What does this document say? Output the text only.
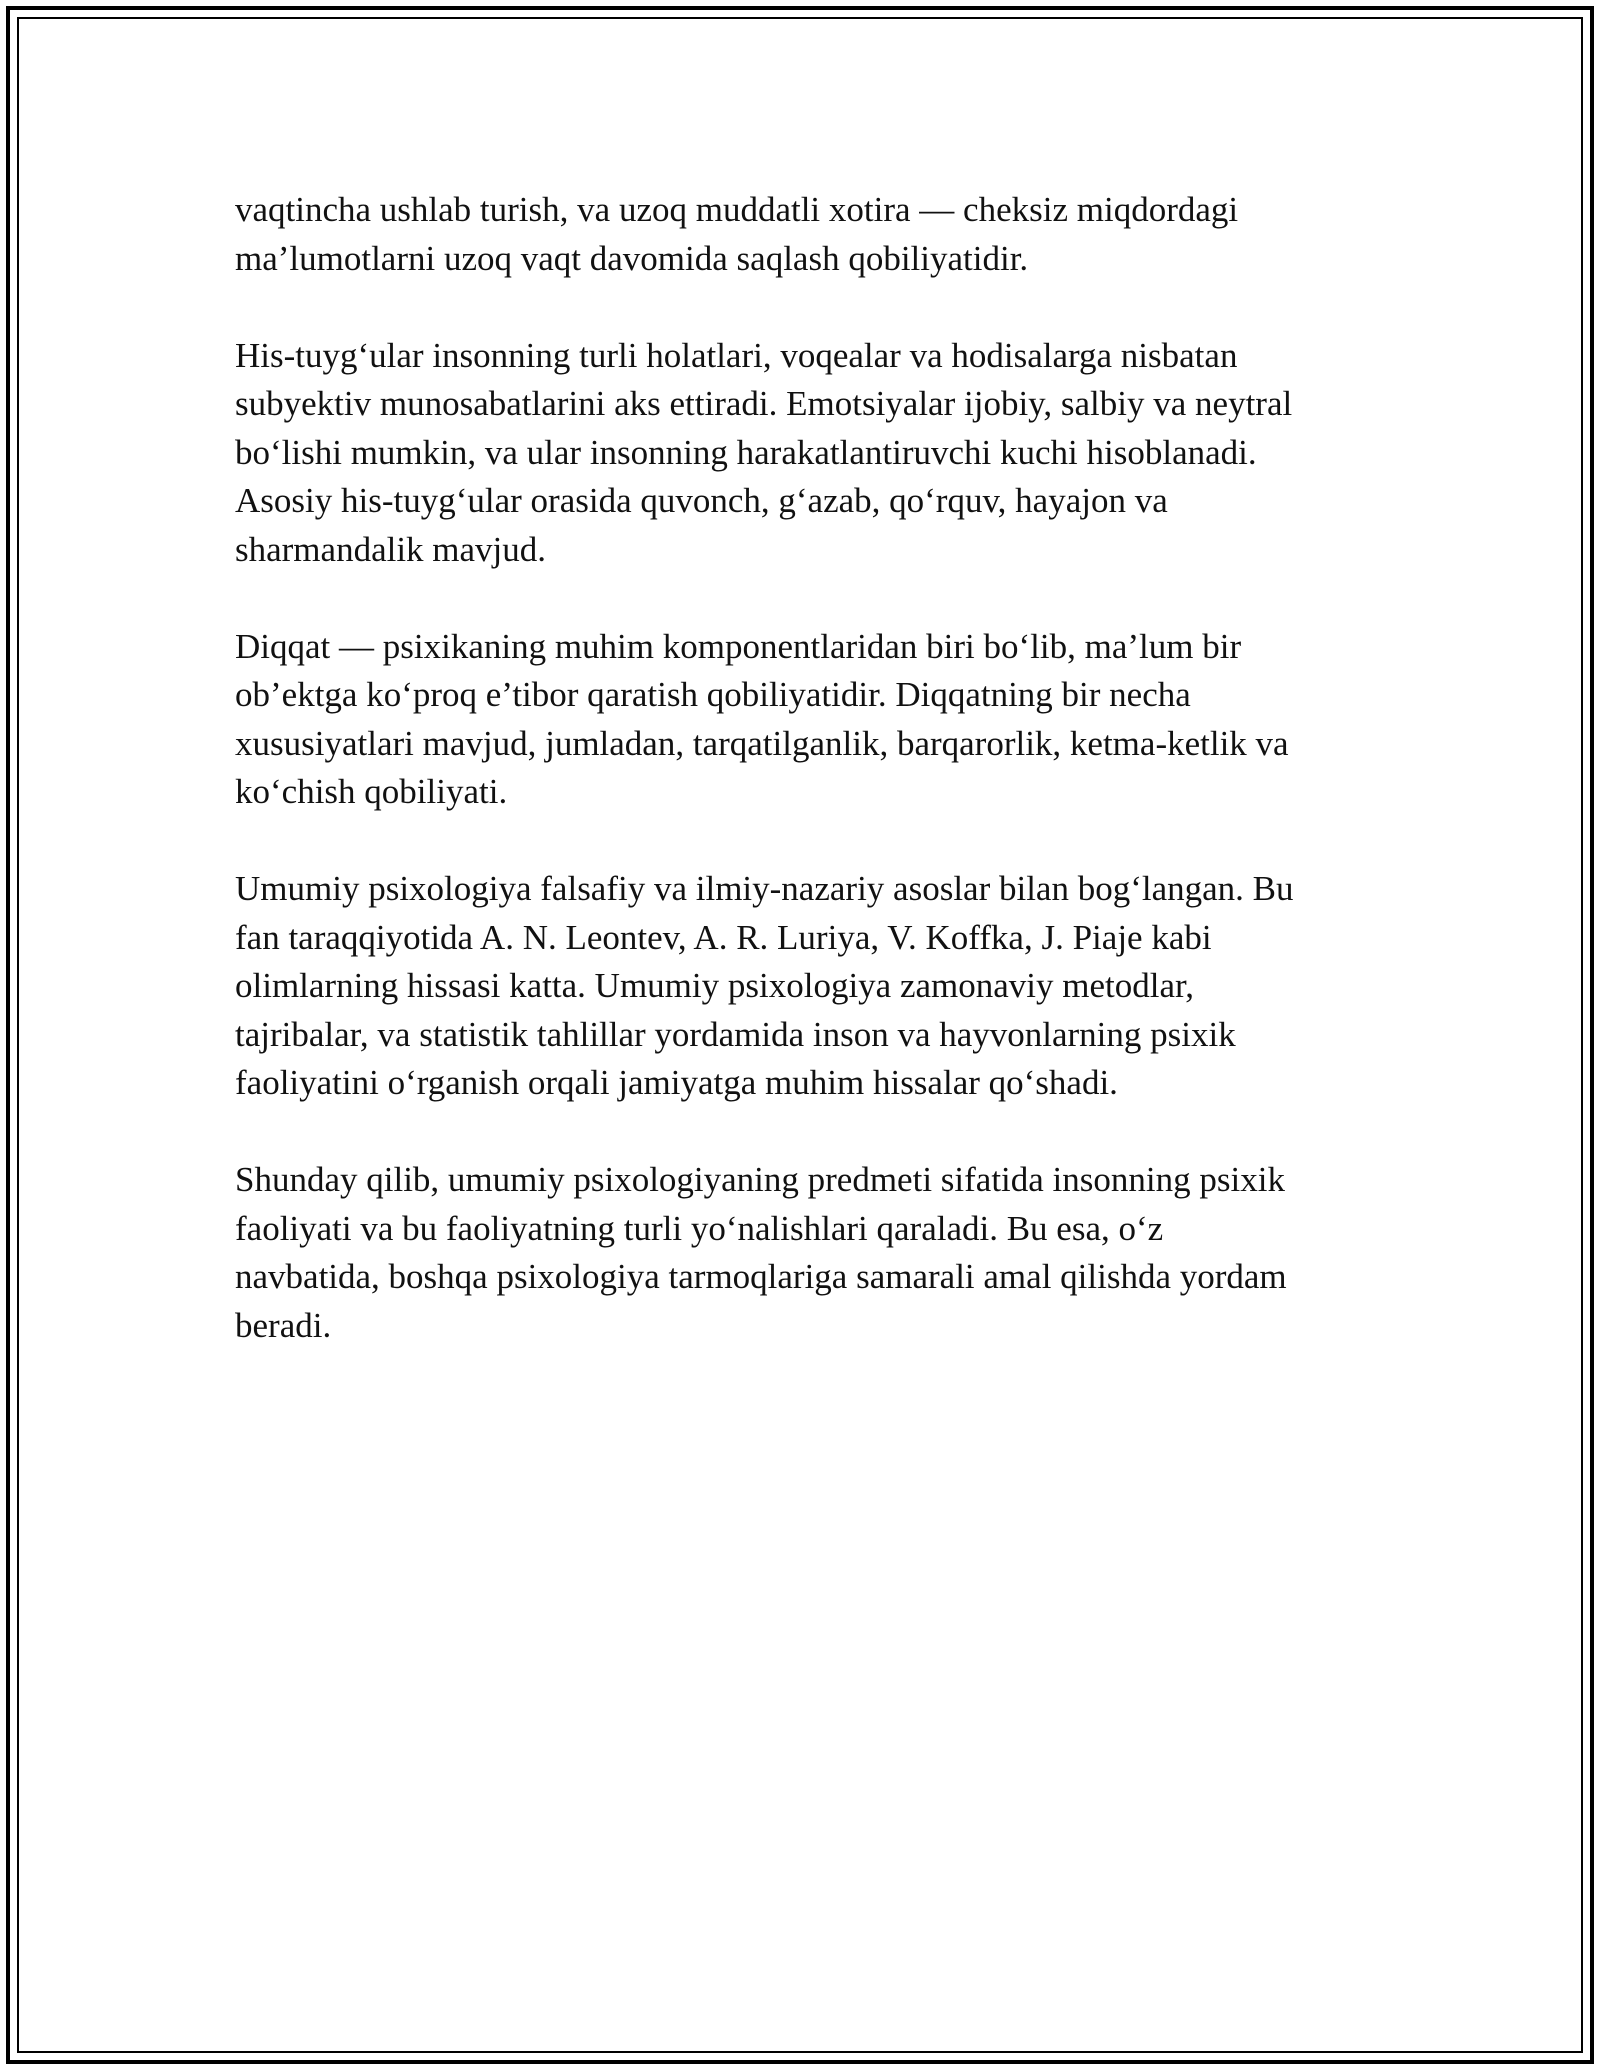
vaqtincha ushlab turish, va uzoq muddatli xotira — cheksiz miqdordagi
ma’lumotlarni uzoq vaqt davomida saqlash qobiliyatidir.

His-tuyg‘ular insonning turli holatlari, voqealar va hodisalarga nisbatan
subyektiv munosabatlarini aks ettiradi. Emotsiyalar ijobiy, salbiy va neytral
bo‘lishi mumkin, va ular insonning harakatlantiruvchi kuchi hisoblanadi.
Asosiy his-tuyg‘ular orasida quvonch, g‘azab, qo‘rquv, hayajon va
sharmandalik mavjud.

Diqqat — psixikaning muhim komponentlaridan biri bo‘lib, ma’lum bir
ob’ektga ko‘proq e’tibor qaratish qobiliyatidir. Diqqatning bir necha
xususiyatlari mavjud, jumladan, tarqatilganlik, barqarorlik, ketma-ketlik va
ko‘chish qobiliyati.

Umumiy psixologiya falsafiy va ilmiy-nazariy asoslar bilan bog‘langan. Bu
fan taraqqiyotida A. N. Leontev, A. R. Luriya, V. Koffka, J. Piaje kabi
olimlarning hissasi katta. Umumiy psixologiya zamonaviy metodlar,
tajribalar, va statistik tahlillar yordamida inson va hayvonlarning psixik
faoliyatini o‘rganish orqali jamiyatga muhim hissalar qo‘shadi.

Shunday qilib, umumiy psixologiyaning predmeti sifatida insonning psixik
faoliyati va bu faoliyatning turli yo‘nalishlari qaraladi. Bu esa, o‘z
navbatida, boshqa psixologiya tarmoqlariga samarali amal qilishda yordam
beradi.
